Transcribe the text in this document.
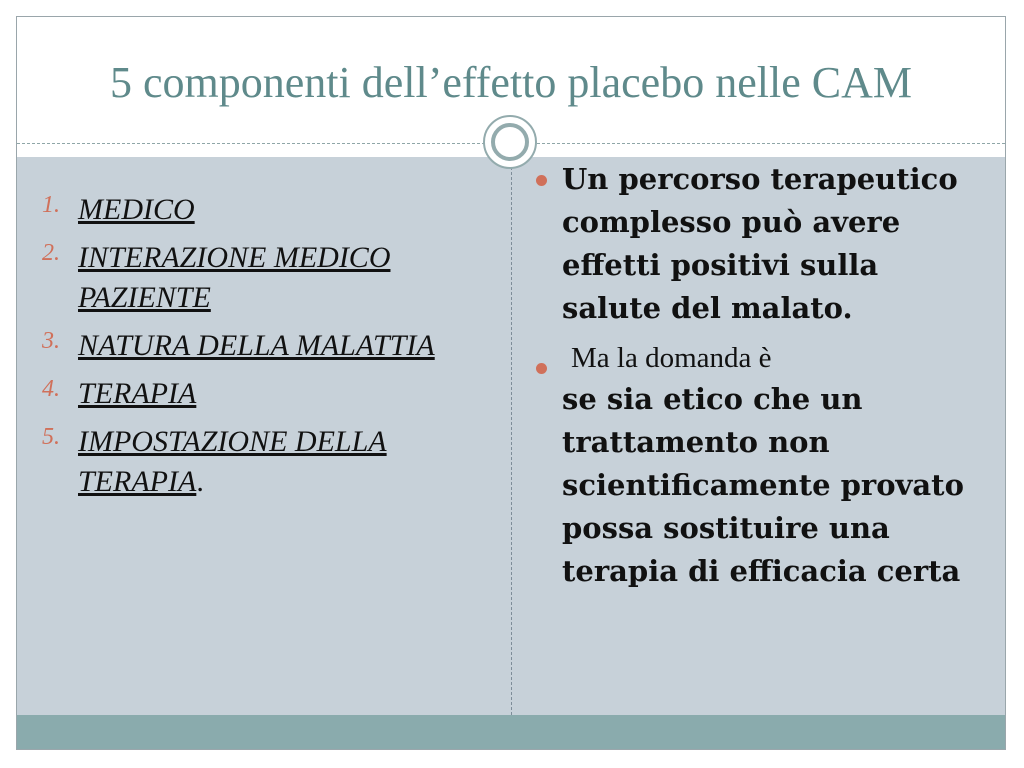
5 componenti dell’effetto placebo nelle CAM
1. MEDICO
2. INTERAZIONE MEDICO PAZIENTE
3. NATURA DELLA MALATTIA
4. TERAPIA
5. IMPOSTAZIONE DELLA TERAPIA.
Un percorso terapeutico complesso può avere effetti positivi sulla salute del malato.
Ma la domanda è
se sia etico che un trattamento non scientificamente provato possa sostituire una terapia di efficacia certa
